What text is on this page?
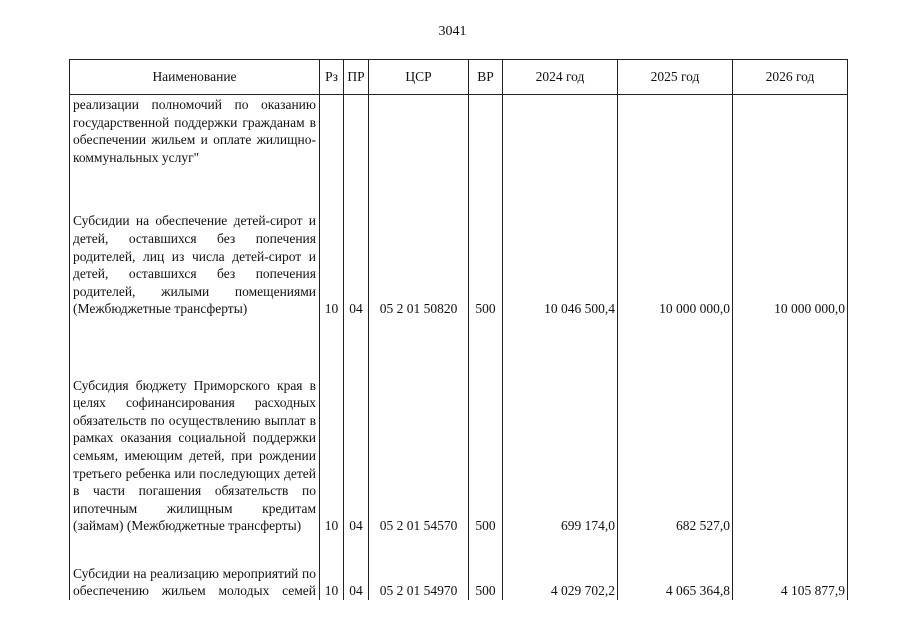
3041
Наименование	Рз	ПР	ЦСР	ВР	2024 год	2025 год	2026 год
реализации полномочий по оказанию государственной поддержки гражданам в обеспечении жильем и оплате жилищно-коммунальных услуг"							
Субсидии на обеспечение детей-сирот и детей, оставшихся без попечения родителей, лиц из числа детей-сирот и детей, оставшихся без попечения родителей, жилыми помещениями (Межбюджетные трансферты)	10	04	05 2 01 50820	500	10 046 500,4	10 000 000,0	10 000 000,0
Субсидия бюджету Приморского края в целях софинансирования расходных обязательств по осуществлению выплат в рамках оказания социальной поддержки семьям, имеющим детей, при рождении третьего ребенка или последующих детей в части погашения обязательств по ипотечным жилищным кредитам (займам) (Межбюджетные трансферты)	10	04	05 2 01 54570	500	699 174,0	682 527,0	
Субсидии на реализацию мероприятий по обеспечению жильем молодых семей	10	04	05 2 01 54970	500	4 029 702,2	4 065 364,8	4 105 877,9
